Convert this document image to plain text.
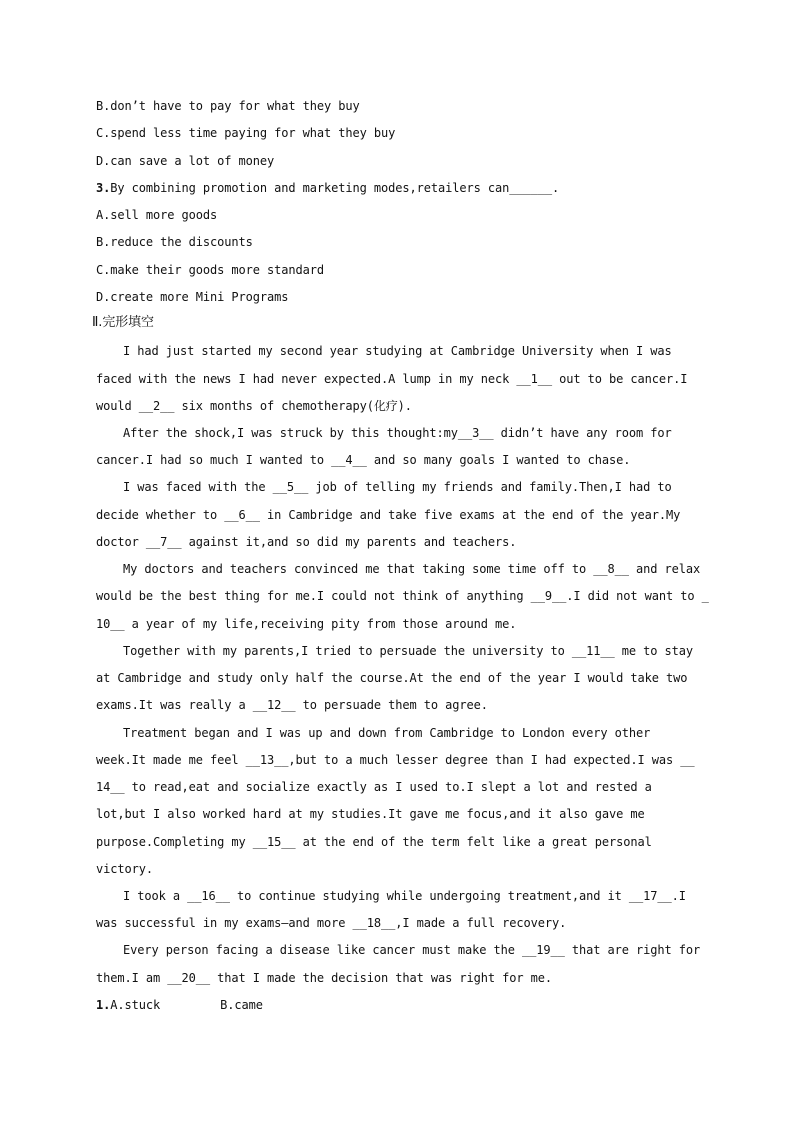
B.don’t have to pay for what they buy
C.spend less time paying for what they buy
D.can save a lot of money
3.By combining promotion and marketing modes,retailers can______.
A.sell more goods
B.reduce the discounts
C.make their goods more standard
D.create more Mini Programs
Ⅱ.完形填空
I had just started my second year studying at Cambridge University when I was
faced with the news I had never expected.A lump in my neck __1__ out to be cancer.I
would __2__ six months of chemotherapy(化疗).
After the shock,I was struck by this thought:my__3__ didn’t have any room for
cancer.I had so much I wanted to __4__ and so many goals I wanted to chase.
I was faced with the __5__ job of telling my friends and family.Then,I had to
decide whether to __6__ in Cambridge and take five exams at the end of the year.My
doctor __7__ against it,and so did my parents and teachers.
My doctors and teachers convinced me that taking some time off to __8__ and relax
would be the best thing for me.I could not think of anything __9__.I did not want to _
10__ a year of my life,receiving pity from those around me.
Together with my parents,I tried to persuade the university to __11__ me to stay
at Cambridge and study only half the course.At the end of the year I would take two
exams.It was really a __12__ to persuade them to agree.
Treatment began and I was up and down from Cambridge to London every other
week.It made me feel __13__,but to a much lesser degree than I had expected.I was __
14__ to read,eat and socialize exactly as I used to.I slept a lot and rested a
lot,but I also worked hard at my studies.It gave me focus,and it also gave me
purpose.Completing my __15__ at the end of the term felt like a great personal
victory.
I took a __16__ to continue studying while undergoing treatment,and it __17__.I
was successful in my exams—and more __18__,I made a full recovery.
Every person facing a disease like cancer must make the __19__ that are right for
them.I am __20__ that I made the decision that was right for me.
1.A.stuck	B.came
